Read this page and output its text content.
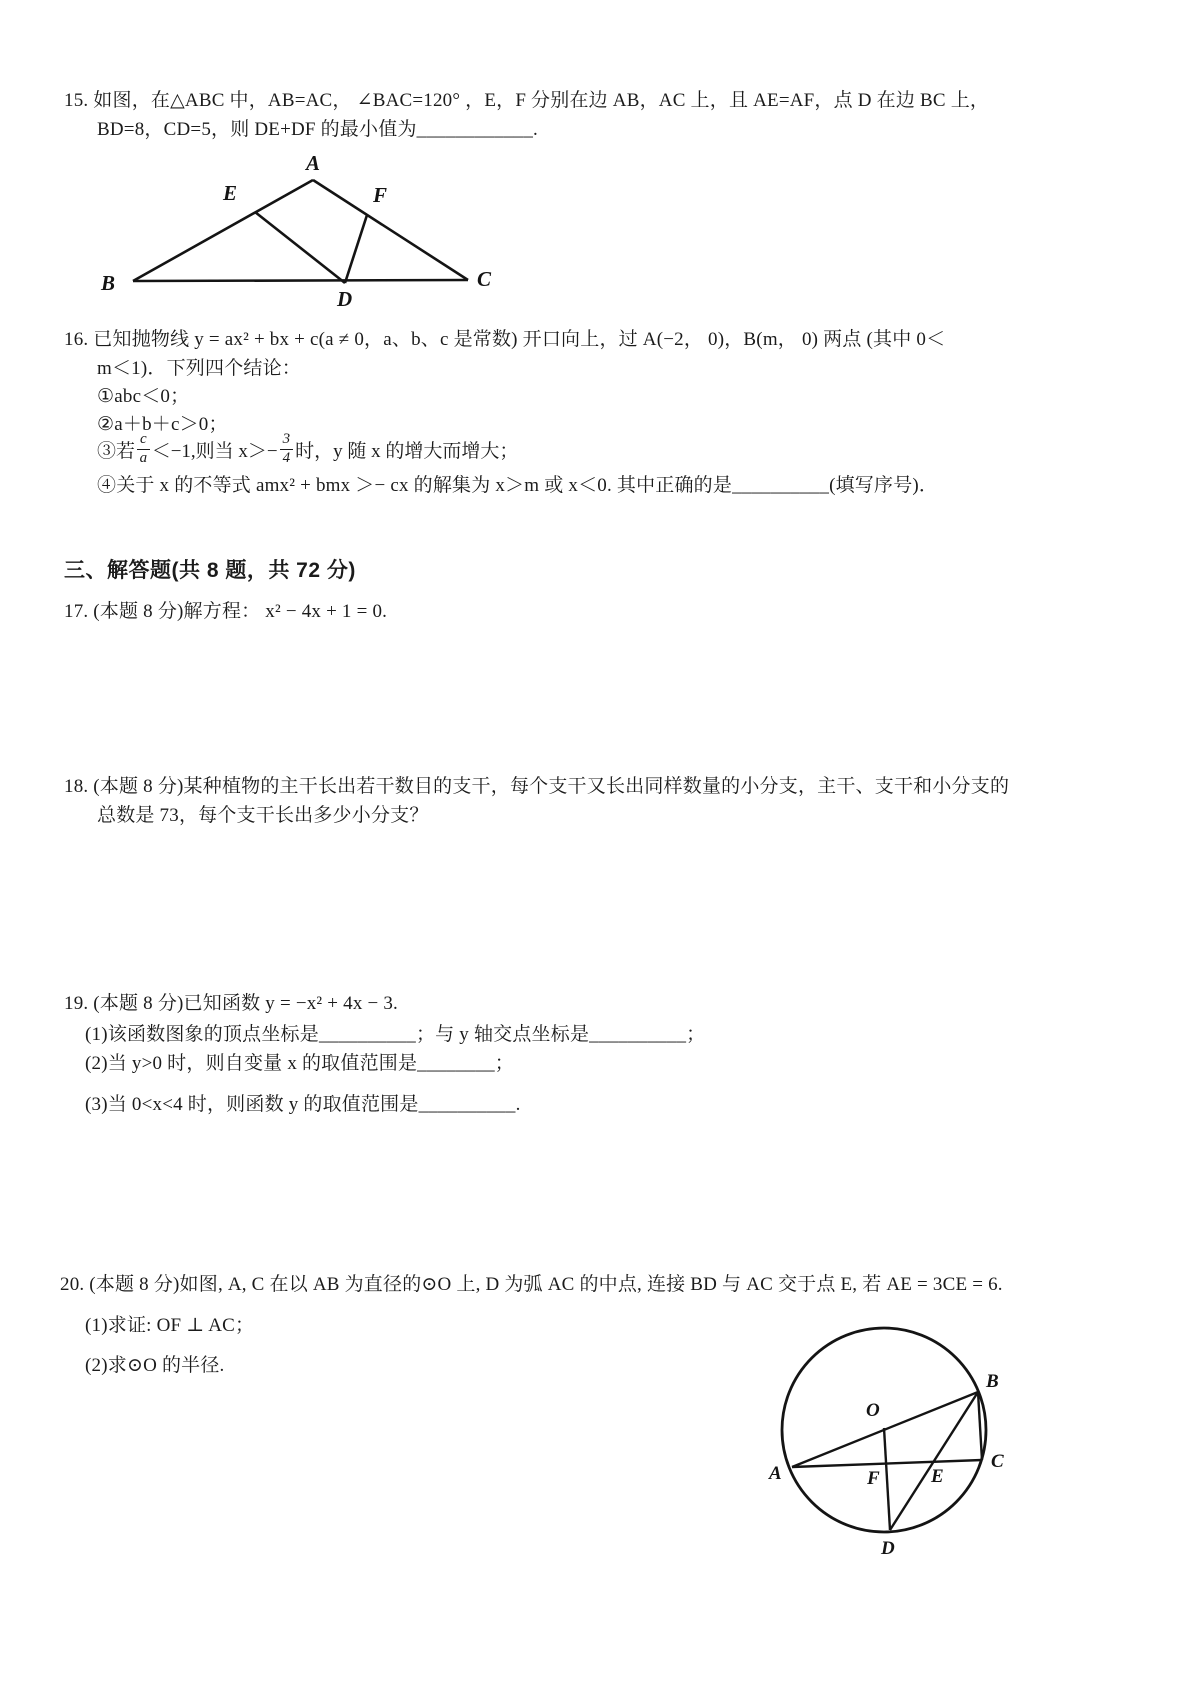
15. 如图，在△ABC 中，AB=AC， ∠BAC=120° ，E，F 分别在边 AB，AC 上，且 AE=AF，点 D 在边 BC 上，
BD=8，CD=5，则 DE+DF 的最小值为____________.
A
E	F
B	C
D
16. 已知抛物线 y = ax² + bx + c(a ≠ 0，a、b、c 是常数) 开口向上，过 A(−2， 0)，B(m， 0) 两点 (其中 0＜
m＜1)．下列四个结论：
①abc＜0；
②a＋b＋c＞0；
③若 $\frac{c}{a} <-1$,则当 $x>- \frac{3}{4}$ 时，y 随 x 的增大而增大；
④关于 x 的不等式 amx² + bmx ＞− cx 的解集为 x＞m 或 x＜0. 其中正确的是__________(填写序号)．
三、解答题(共 8 题，共 72 分)
17. (本题 8 分)解方程： x² − 4x + 1 = 0.
18. (本题 8 分)某种植物的主干长出若干数目的支干，每个支干又长出同样数量的小分支，主干、支干和小分支的
总数是 73，每个支干长出多少小分支？
19. (本题 8 分)已知函数 y = −x² + 4x − 3.
(1)该函数图象的顶点坐标是__________；与 y 轴交点坐标是__________；
(2)当 y>0 时，则自变量 x 的取值范围是________；
(3)当 0<x<4 时，则函数 y 的取值范围是__________.
20. (本题 8 分)如图, A, C 在以 AB 为直径的⊙O 上, D 为弧 AC 的中点, 连接 BD 与 AC 交于点 E, 若 AE = 3CE = 6.
(1)求证: OF ⊥ AC；
(2)求⊙O 的半径.
O
A
B
C
D
E
F
